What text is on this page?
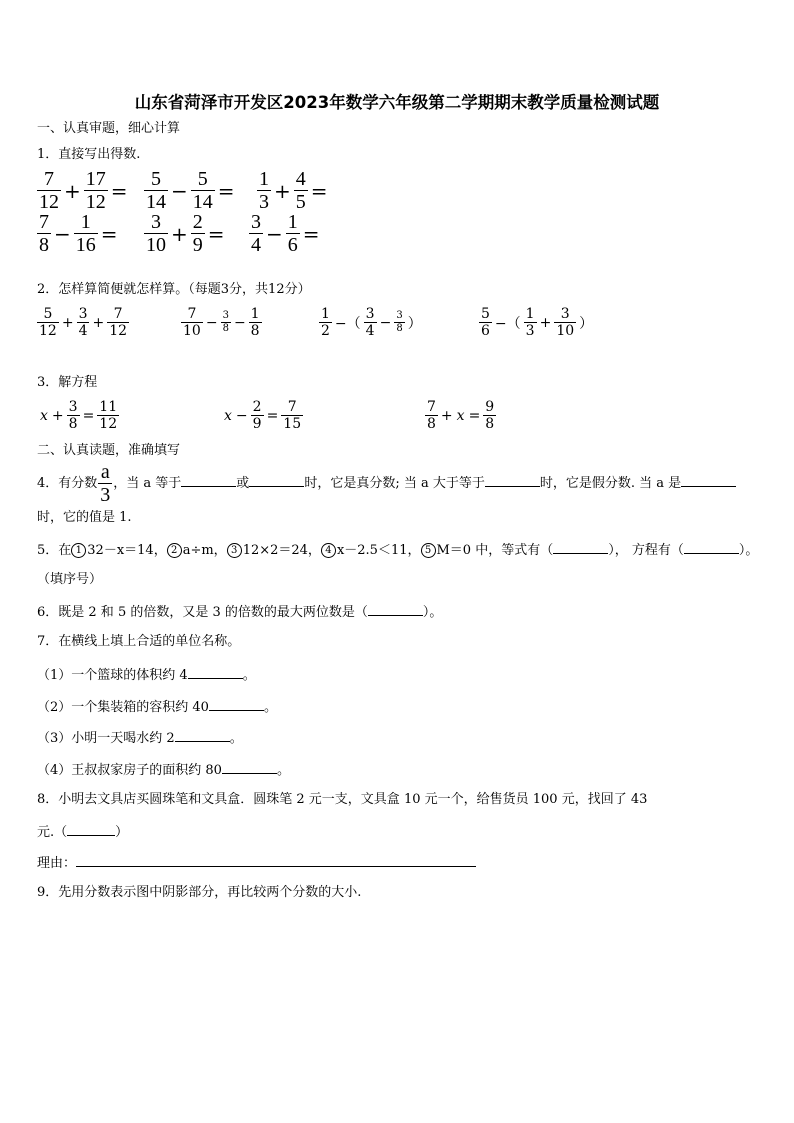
山东省菏泽市开发区2023年数学六年级第二学期期末教学质量检测试题
一、认真审题，细心计算
1．直接写出得数.
$\frac{7}{12} + \frac{17}{12} = \frac{5}{14} - \frac{5}{14} = \frac{1}{3} + \frac{4}{5}$ =
$\frac{7}{8} - \frac{1}{16} = \frac{3}{10} + \frac{2}{9} = \frac{3}{4} - \frac{1}{6}$ =
2．怎样算简便就怎样算。（每题3分，共12分）
$\frac{5}{12} + \frac{3}{4} + \frac{7}{12}$	$\frac{7}{10} - \frac{3}{8} - \frac{1}{8}$	$\frac{1}{2}$ −（ $\frac{3}{4} - \frac{3}{8}$ ）	$\frac{5}{6}$ −（ $\frac{1}{3} + \frac{3}{10}$ ）
3．解方程
$x + \frac{3}{8} = \frac{11}{12}$	$x - \frac{2}{9} = \frac{7}{15}$	$\frac{7}{8} + x = \frac{9}{8}$
二、认真读题，准确填写
4．有分数 $\frac{a}{3}$ ，当 a 等于	或	时，它是真分数; 当 a 大于等于	时，它是假分数. 当 a 是
时，它的值是 1.
5．在 1 32－x＝14， 2 a÷m， 3 12×2＝24， 4 x－2.5＜11， 5 M＝0 中，等式有（	）， 方程有（	）。
（填序号）
6．既是 2 和 5 的倍数，又是 3 的倍数的最大两位数是（	）。
7．在横线上填上合适的单位名称。
（1）一个篮球的体积约 4	。
（2）一个集装箱的容积约 40	。
（3）小明一天喝水约 2	。
（4）王叔叔家房子的面积约 80	。
8．小明去文具店买圆珠笔和文具盒．圆珠笔 2 元一支，文具盒 10 元一个，给售货员 100 元，找回了 43
元.（	）
理由：
9．先用分数表示图中阴影部分，再比较两个分数的大小.
